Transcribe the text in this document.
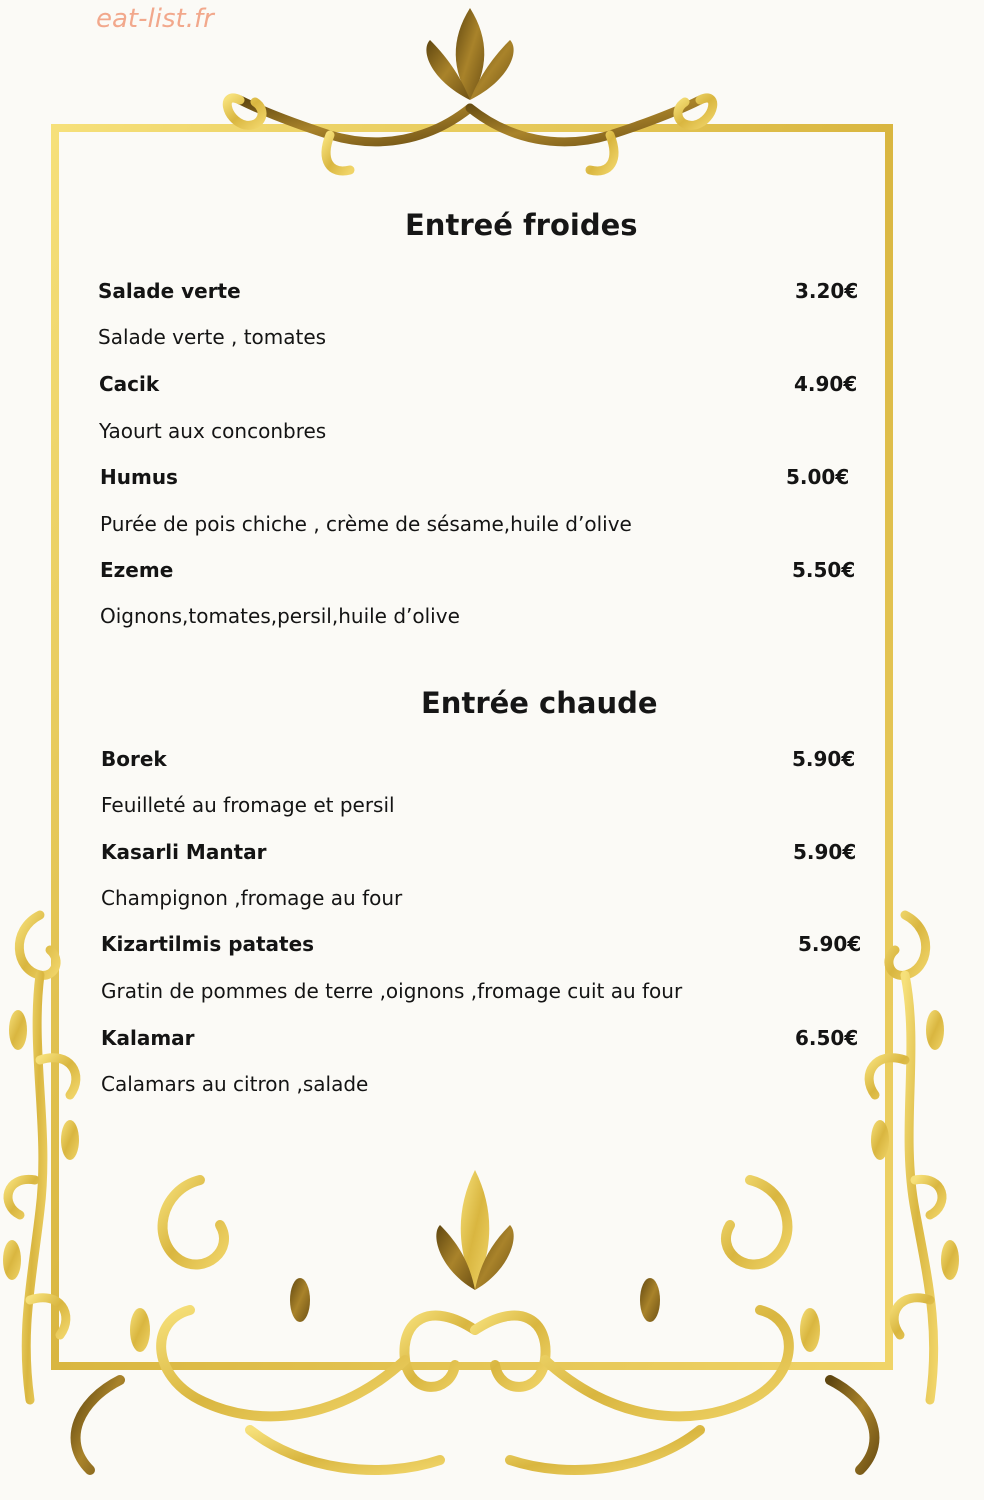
eat-list.fr
Entreé froides
Salade verte	3.20€
Salade verte , tomates
Cacik	4.90€
Yaourt aux conconbres
Humus	5.00€
Purée de pois chiche , crème de sésame,huile d’olive
Ezeme	5.50€
Oignons,tomates,persil,huile d’olive
Entrée chaude
Borek	5.90€
Feuilleté au fromage et persil
Kasarli Mantar	5.90€
Champignon ,fromage au four
Kizartilmis patates	5.90€
Gratin de pommes de terre ,oignons ,fromage cuit au four
Kalamar	6.50€
Calamars au citron ,salade
